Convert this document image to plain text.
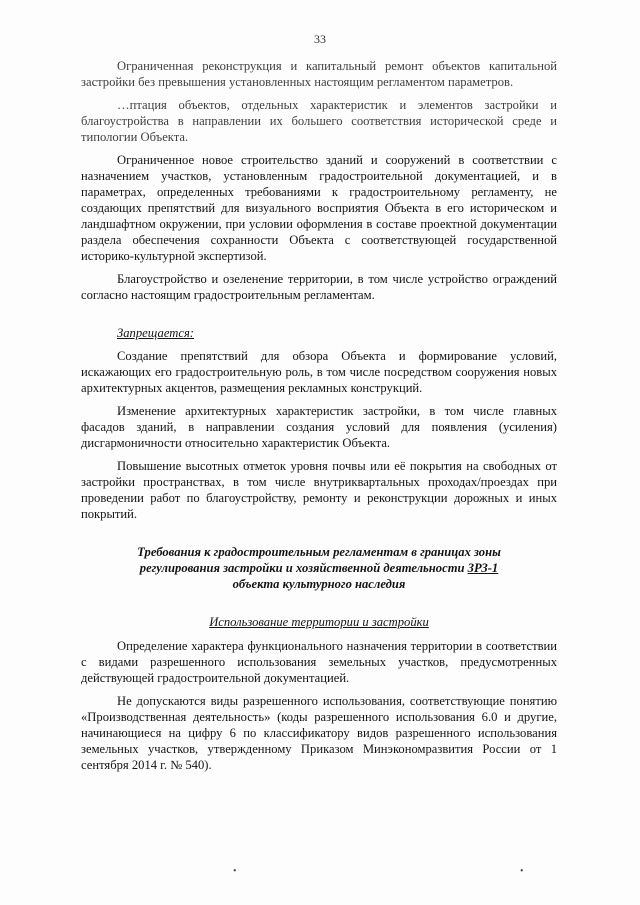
33

Ограниченная реконструкция и капитальный ремонт объектов капитальной застройки без превышения установленных настоящим регламентом параметров.

…птация объектов, отдельных характеристик и элементов застройки и благоустройства в направлении их большего соответствия исторической среде и типологии Объекта.

Ограниченное новое строительство зданий и сооружений в соответствии с назначением участков, установленным градостроительной документацией, и в параметрах, определенных требованиями к градостроительному регламенту, не создающих препятствий для визуального восприятия Объекта в его историческом и ландшафтном окружении, при условии оформления в составе проектной документации раздела обеспечения сохранности Объекта с соответствующей государственной историко-культурной экспертизой.

Благоустройство и озеленение территории, в том числе устройство ограждений согласно настоящим градостроительным регламентам.

Запрещается:

Создание препятствий для обзора Объекта и формирование условий, искажающих его градостроительную роль, в том числе посредством сооружения новых архитектурных акцентов, размещения рекламных конструкций.

Изменение архитектурных характеристик застройки, в том числе главных фасадов зданий, в направлении создания условий для появления (усиления) дисгармоничности относительно характеристик Объекта.

Повышение высотных отметок уровня почвы или её покрытия на свободных от застройки пространствах, в том числе внутриквартальных проходах/проездах при проведении работ по благоустройству, ремонту и реконструкции дорожных и иных покрытий.

Требования к градостроительным регламентам в границах зоны

регулирования застройки и хозяйственной деятельности ЗРЗ-1

объекта культурного наследия

Использование территории и застройки

Определение характера функционального назначения территории в соответствии с видами разрешенного использования земельных участков, предусмотренных действующей градостроительной документацией.

Не допускаются виды разрешенного использования, соответствующие понятию «Производственная деятельность» (коды разрешенного использования 6.0 и другие, начинающиеся на цифру 6 по классификатору видов разрешенного использования земельных участков, утвержденному Приказом Минэкономразвития России от 1 сентября 2014 г. № 540).

•	•
